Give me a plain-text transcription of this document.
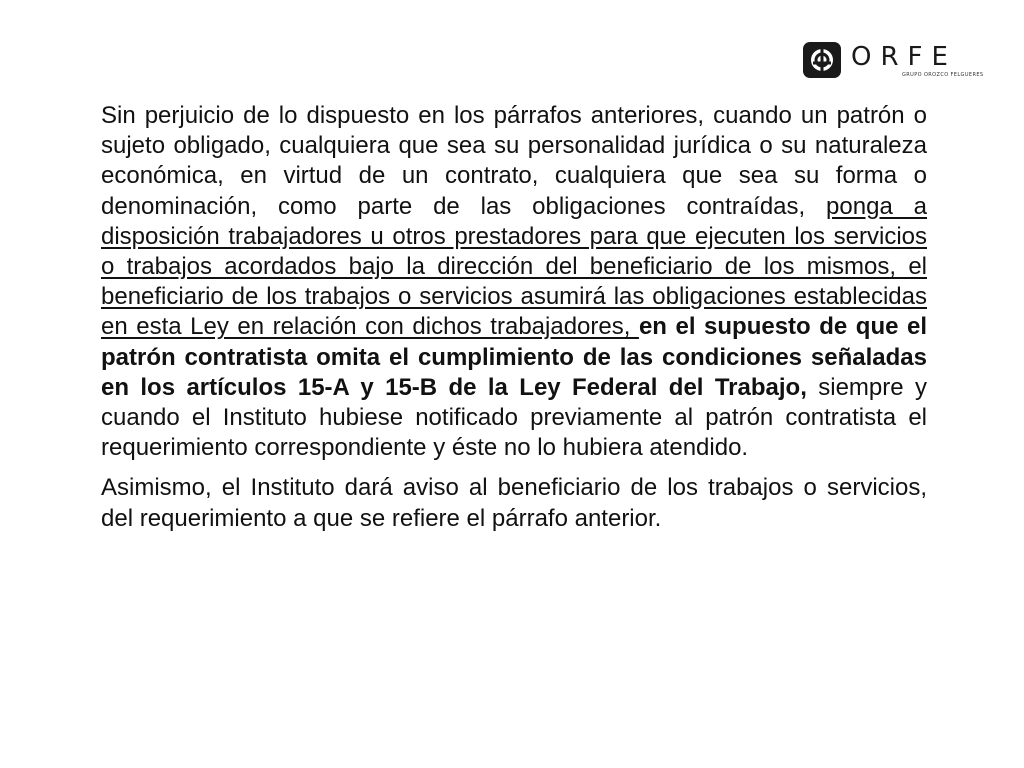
ORFE
GRUPO OROZCO FELGUERES

Sin perjuicio de lo dispuesto en los párrafos anteriores, cuando un patrón o sujeto obligado, cualquiera que sea su personalidad jurídica o su naturaleza económica, en virtud de un contrato, cualquiera que sea su forma o denominación, como parte de las obligaciones contraídas, ponga a disposición trabajadores u otros prestadores para que ejecuten los servicios o trabajos acordados bajo la dirección del beneficiario de los mismos, el beneficiario de los trabajos o servicios asumirá las obligaciones establecidas en esta Ley en relación con dichos trabajadores, en el supuesto de que el patrón contratista omita el cumplimiento de las condiciones señaladas en los artículos 15-A y 15-B de la Ley Federal del Trabajo, siempre y cuando el Instituto hubiese notificado previamente al patrón contratista el requerimiento correspondiente y éste no lo hubiera atendido.

Asimismo, el Instituto dará aviso al beneficiario de los trabajos o servicios, del requerimiento a que se refiere el párrafo anterior.
